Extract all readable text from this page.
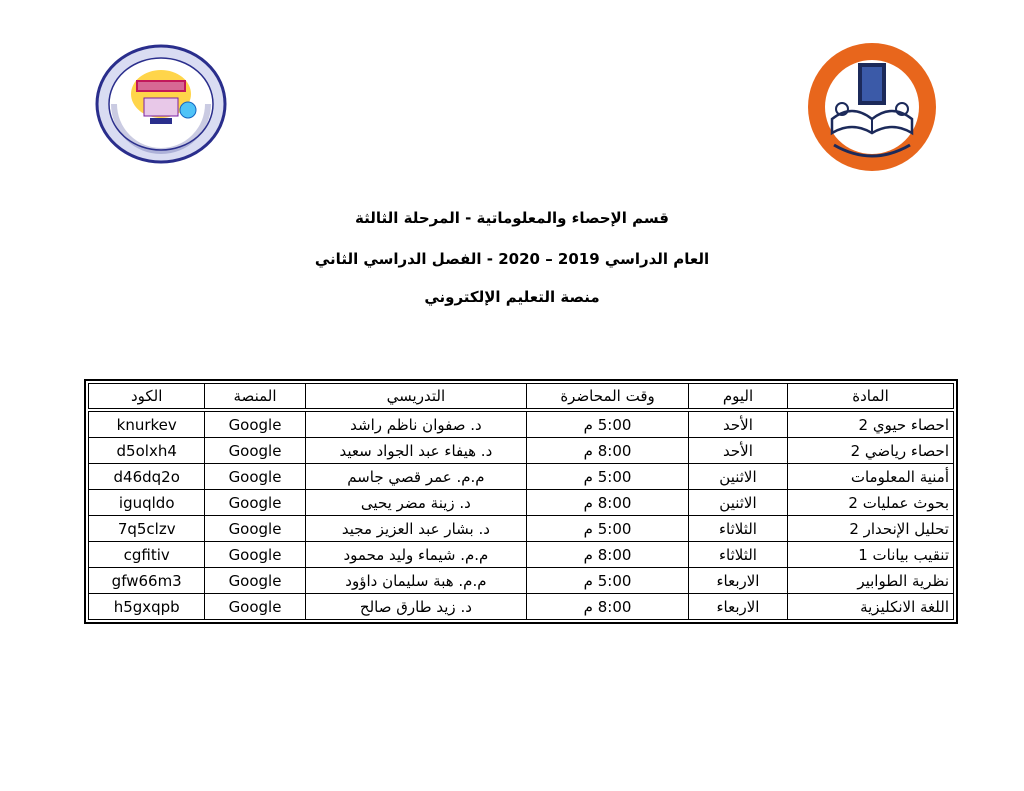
قسم الإحصاء والمعلوماتية - المرحلة الثالثة
العام الدراسي 2019 – 2020 - الفصل الدراسي الثاني
منصة التعليم الإلكتروني
المادة	اليوم	وقت المحاضرة	التدريسي	المنصة	الكود
احصاء حيوي 2	الأحد	5:00 م	د. صفوان ناظم راشد	Google	knurkev
احصاء رياضي 2	الأحد	8:00 م	د. هيفاء عبد الجواد سعيد	Google	d5olxh4
أمنية المعلومات	الاثنين	5:00 م	م.م. عمر قصي جاسم	Google	d46dq2o
بحوث عمليات 2	الاثنين	8:00 م	د. زينة مضر يحيى	Google	iguqldo
تحليل الإنحدار 2	الثلاثاء	5:00 م	د. بشار عبد العزيز مجيد	Google	7q5clzv
تنقيب بيانات 1	الثلاثاء	8:00 م	م.م. شيماء وليد محمود	Google	cgfitiv
نظرية الطوابير	الاربعاء	5:00 م	م.م. هبة سليمان داؤود	Google	gfw66m3
اللغة الانكليزية	الاربعاء	8:00 م	د. زيد طارق صالح	Google	h5gxqpb
